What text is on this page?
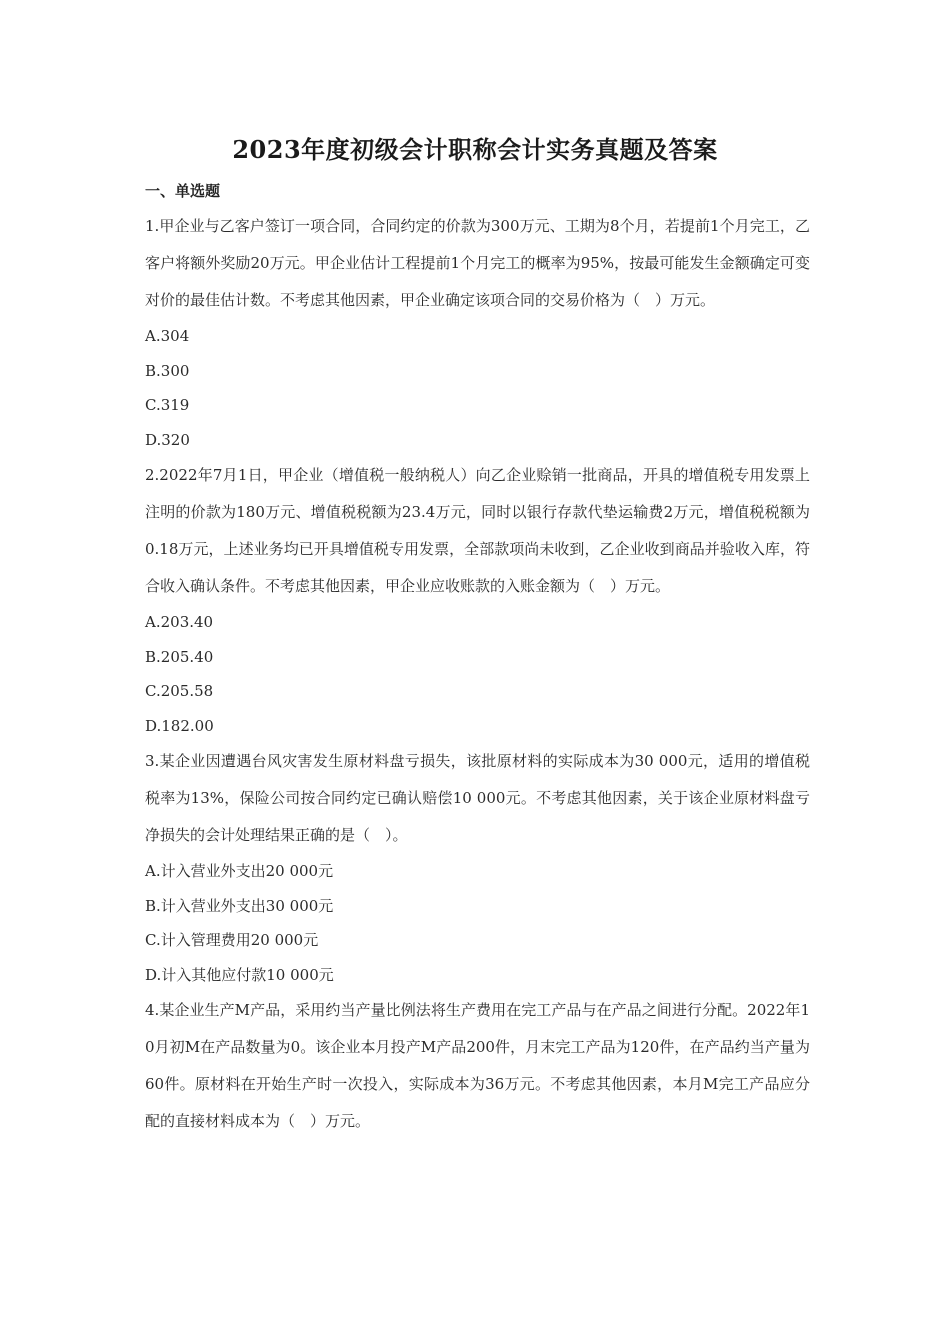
2023年度初级会计职称会计实务真题及答案
一、单选题

1.甲企业与乙客户签订一项合同，合同约定的价款为300万元、工期为8个月，若提前1个月完工，乙客户将额外奖励20万元。甲企业估计工程提前1个月完工的概率为95%，按最可能发生金额确定可变对价的最佳估计数。不考虑其他因素，甲企业确定该项合同的交易价格为（　）万元。

A.304

B.300

C.319

D.320

2.2022年7月1日，甲企业（增值税一般纳税人）向乙企业赊销一批商品，开具的增值税专用发票上注明的价款为180万元、增值税税额为23.4万元，同时以银行存款代垫运输费2万元，增值税税额为0.18万元，上述业务均已开具增值税专用发票，全部款项尚未收到，乙企业收到商品并验收入库，符合收入确认条件。不考虑其他因素，甲企业应收账款的入账金额为（　）万元。

A.203.40

B.205.40

C.205.58

D.182.00

3.某企业因遭遇台风灾害发生原材料盘亏损失，该批原材料的实际成本为30 000元，适用的增值税税率为13%，保险公司按合同约定已确认赔偿10 000元。不考虑其他因素，关于该企业原材料盘亏净损失的会计处理结果正确的是（　）。

A.计入营业外支出20 000元

B.计入营业外支出30 000元

C.计入管理费用20 000元

D.计入其他应付款10 000元

4.某企业生产M产品，采用约当产量比例法将生产费用在完工产品与在产品之间进行分配。2022年10月初M在产品数量为0。该企业本月投产M产品200件，月末完工产品为120件，在产品约当产量为60件。原材料在开始生产时一次投入，实际成本为36万元。不考虑其他因素，本月M完工产品应分配的直接材料成本为（　）万元。
